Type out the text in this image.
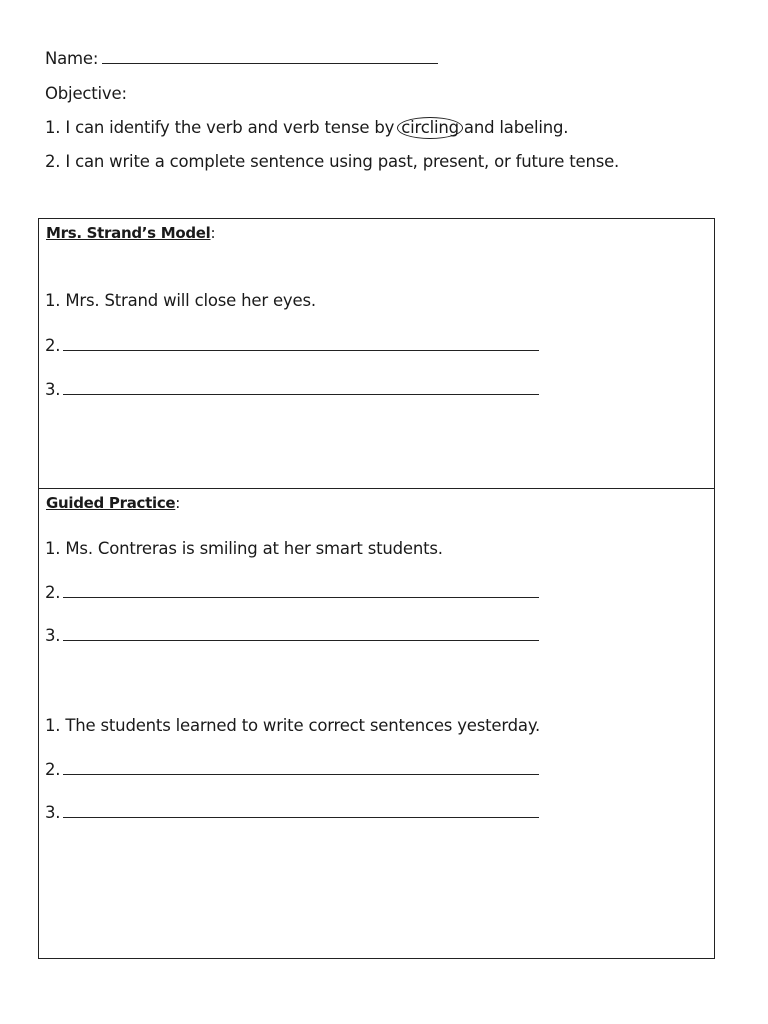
Name:
Objective:
1. I can identify the verb and verb tense by circling and labeling.
2. I can write a complete sentence using past, present, or future tense.
Mrs. Strand’s Model:
1. Mrs. Strand will close her eyes.
2.
3.
Guided Practice:
1. Ms. Contreras is smiling at her smart students.
2.
3.
1. The students learned to write correct sentences yesterday.
2.
3.
